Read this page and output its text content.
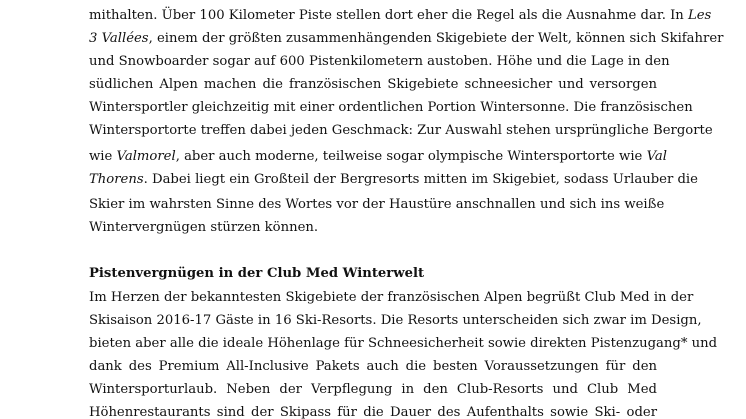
mithalten. Über 100 Kilometer Piste stellen dort eher die Regel als die Ausnahme dar. In Les
3 Vallées, einem der größten zusammenhängenden Skigebiete der Welt, können sich Skifahrer
und Snowboarder sogar auf 600 Pistenkilometern austoben. Höhe und die Lage in den
südlichen Alpen machen die französischen Skigebiete schneesicher und versorgen
Wintersportler gleichzeitig mit einer ordentlichen Portion Wintersonne. Die französischen
Wintersportorte treffen dabei jeden Geschmack: Zur Auswahl stehen ursprüngliche Bergorte
wie Valmorel, aber auch moderne, teilweise sogar olympische Wintersportorte wie Val
Thorens. Dabei liegt ein Großteil der Bergresorts mitten im Skigebiet, sodass Urlauber die
Skier im wahrsten Sinne des Wortes vor der Haustüre anschnallen und sich ins weiße
Wintervergnügen stürzen können.
Pistenvergnügen in der Club Med Winterwelt
Im Herzen der bekanntesten Skigebiete der französischen Alpen begrüßt Club Med in der
Skisaison 2016-17 Gäste in 16 Ski-Resorts. Die Resorts unterscheiden sich zwar im Design,
bieten aber alle die ideale Höhenlage für Schneesicherheit sowie direkten Pistenzugang* und
dank des Premium All-Inclusive Pakets auch die besten Voraussetzungen für den
Wintersporturlaub. Neben der Verpflegung in den Club-Resorts und Club Med
Höhenrestaurants sind der Skipass für die Dauer des Aufenthalts sowie Ski- oder
